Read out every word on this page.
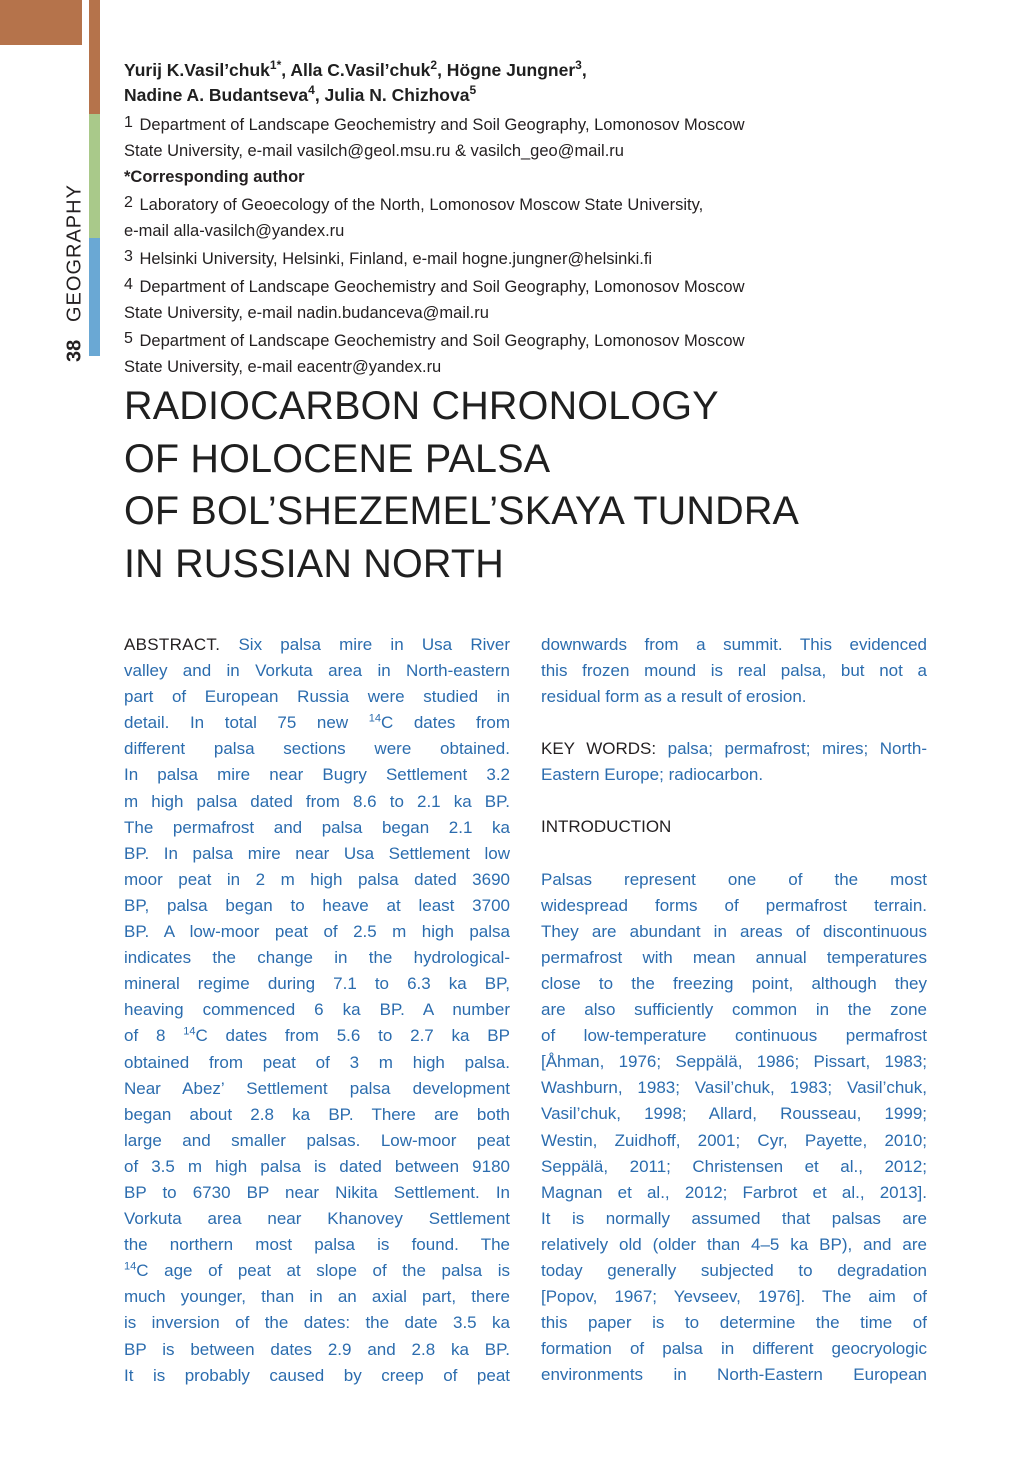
38
GEOGRAPHY
Yurij K.Vasil’chuk$^{1*}$, Alla C.Vasil’chuk$^2$, Högne Jungner$^3$,
Nadine A. Budantseva$^4$, Julia N. Chizhova$^5$
1 Department of Landscape Geochemistry and Soil Geography, Lomonosov Moscow
State University, e-mail vasilch@geol.msu.ru & vasilch_geo@mail.ru
*Corresponding author
2 Laboratory of Geoecology of the North, Lomonosov Moscow State University,
e-mail alla-vasilch@yandex.ru
3 Helsinki University, Helsinki, Finland, e-mail hogne.jungner@helsinki.fi
4 Department of Landscape Geochemistry and Soil Geography, Lomonosov Moscow
State University, e-mail nadin.budanceva@mail.ru
5 Department of Landscape Geochemistry and Soil Geography, Lomonosov Moscow
State University, e-mail eacentr@yandex.ru
RADIOCARBON CHRONOLOGY
OF HOLOCENE PALSA
OF BOL’SHEZEMEL’SKAYA TUNDRA
IN RUSSIAN NORTH
ABSTRACT. Six palsa mire in Usa River
valley and in Vorkuta area in North-eastern
part of European Russia were studied in
detail. In total 75 new $^{14}$C dates from
different palsa sections were obtained.
In palsa mire near Bugry Settlement 3.2
m high palsa dated from 8.6 to 2.1 ka BP.
The permafrost and palsa began 2.1 ka
BP. In palsa mire near Usa Settlement low
moor peat in 2 m high palsa dated 3690
BP, palsa began to heave at least 3700
BP. A low-moor peat of 2.5 m high palsa
indicates the change in the hydrological-
mineral regime during 7.1 to 6.3 ka BP,
heaving commenced 6 ka BP. A number
of 8 $^{14}$C dates from 5.6 to 2.7 ka BP
obtained from peat of 3 m high palsa.
Near Abez’ Settlement palsa development
began about 2.8 ka BP. There are both
large and smaller palsas. Low-moor peat
of 3.5 m high palsa is dated between 9180
BP to 6730 BP near Nikita Settlement. In
Vorkuta area near Khanovey Settlement
the northern most palsa is found. The
$^{14}$C age of peat at slope of the palsa is
much younger, than in an axial part, there
is inversion of the dates: the date 3.5 ka
BP is between dates 2.9 and 2.8 ka BP.
It is probably caused by creep of peat
downwards from a summit. This evidenced
this frozen mound is real palsa, but not a
residual form as a result of erosion.
KEY WORDS: palsa; permafrost; mires; North-
Eastern Europe; radiocarbon.
INTRODUCTION
Palsas represent one of the most
widespread forms of permafrost terrain.
They are abundant in areas of discontinuous
permafrost with mean annual temperatures
close to the freezing point, although they
are also sufficiently common in the zone
of low-temperature continuous permafrost
[Åhman, 1976; Seppälä, 1986; Pissart, 1983;
Washburn, 1983; Vasil’chuk, 1983; Vasil’chuk,
Vasil’chuk, 1998; Allard, Rousseau, 1999;
Westin, Zuidhoff, 2001; Cyr, Payette, 2010;
Seppälä, 2011; Christensen et al., 2012;
Magnan et al., 2012; Farbrot et al., 2013].
It is normally assumed that palsas are
relatively old (older than 4–5 ka BP), and are
today generally subjected to degradation
[Popov, 1967; Yevseev, 1976]. The aim of
this paper is to determine the time of
formation of palsa in different geocryologic
environments in North-Eastern European
